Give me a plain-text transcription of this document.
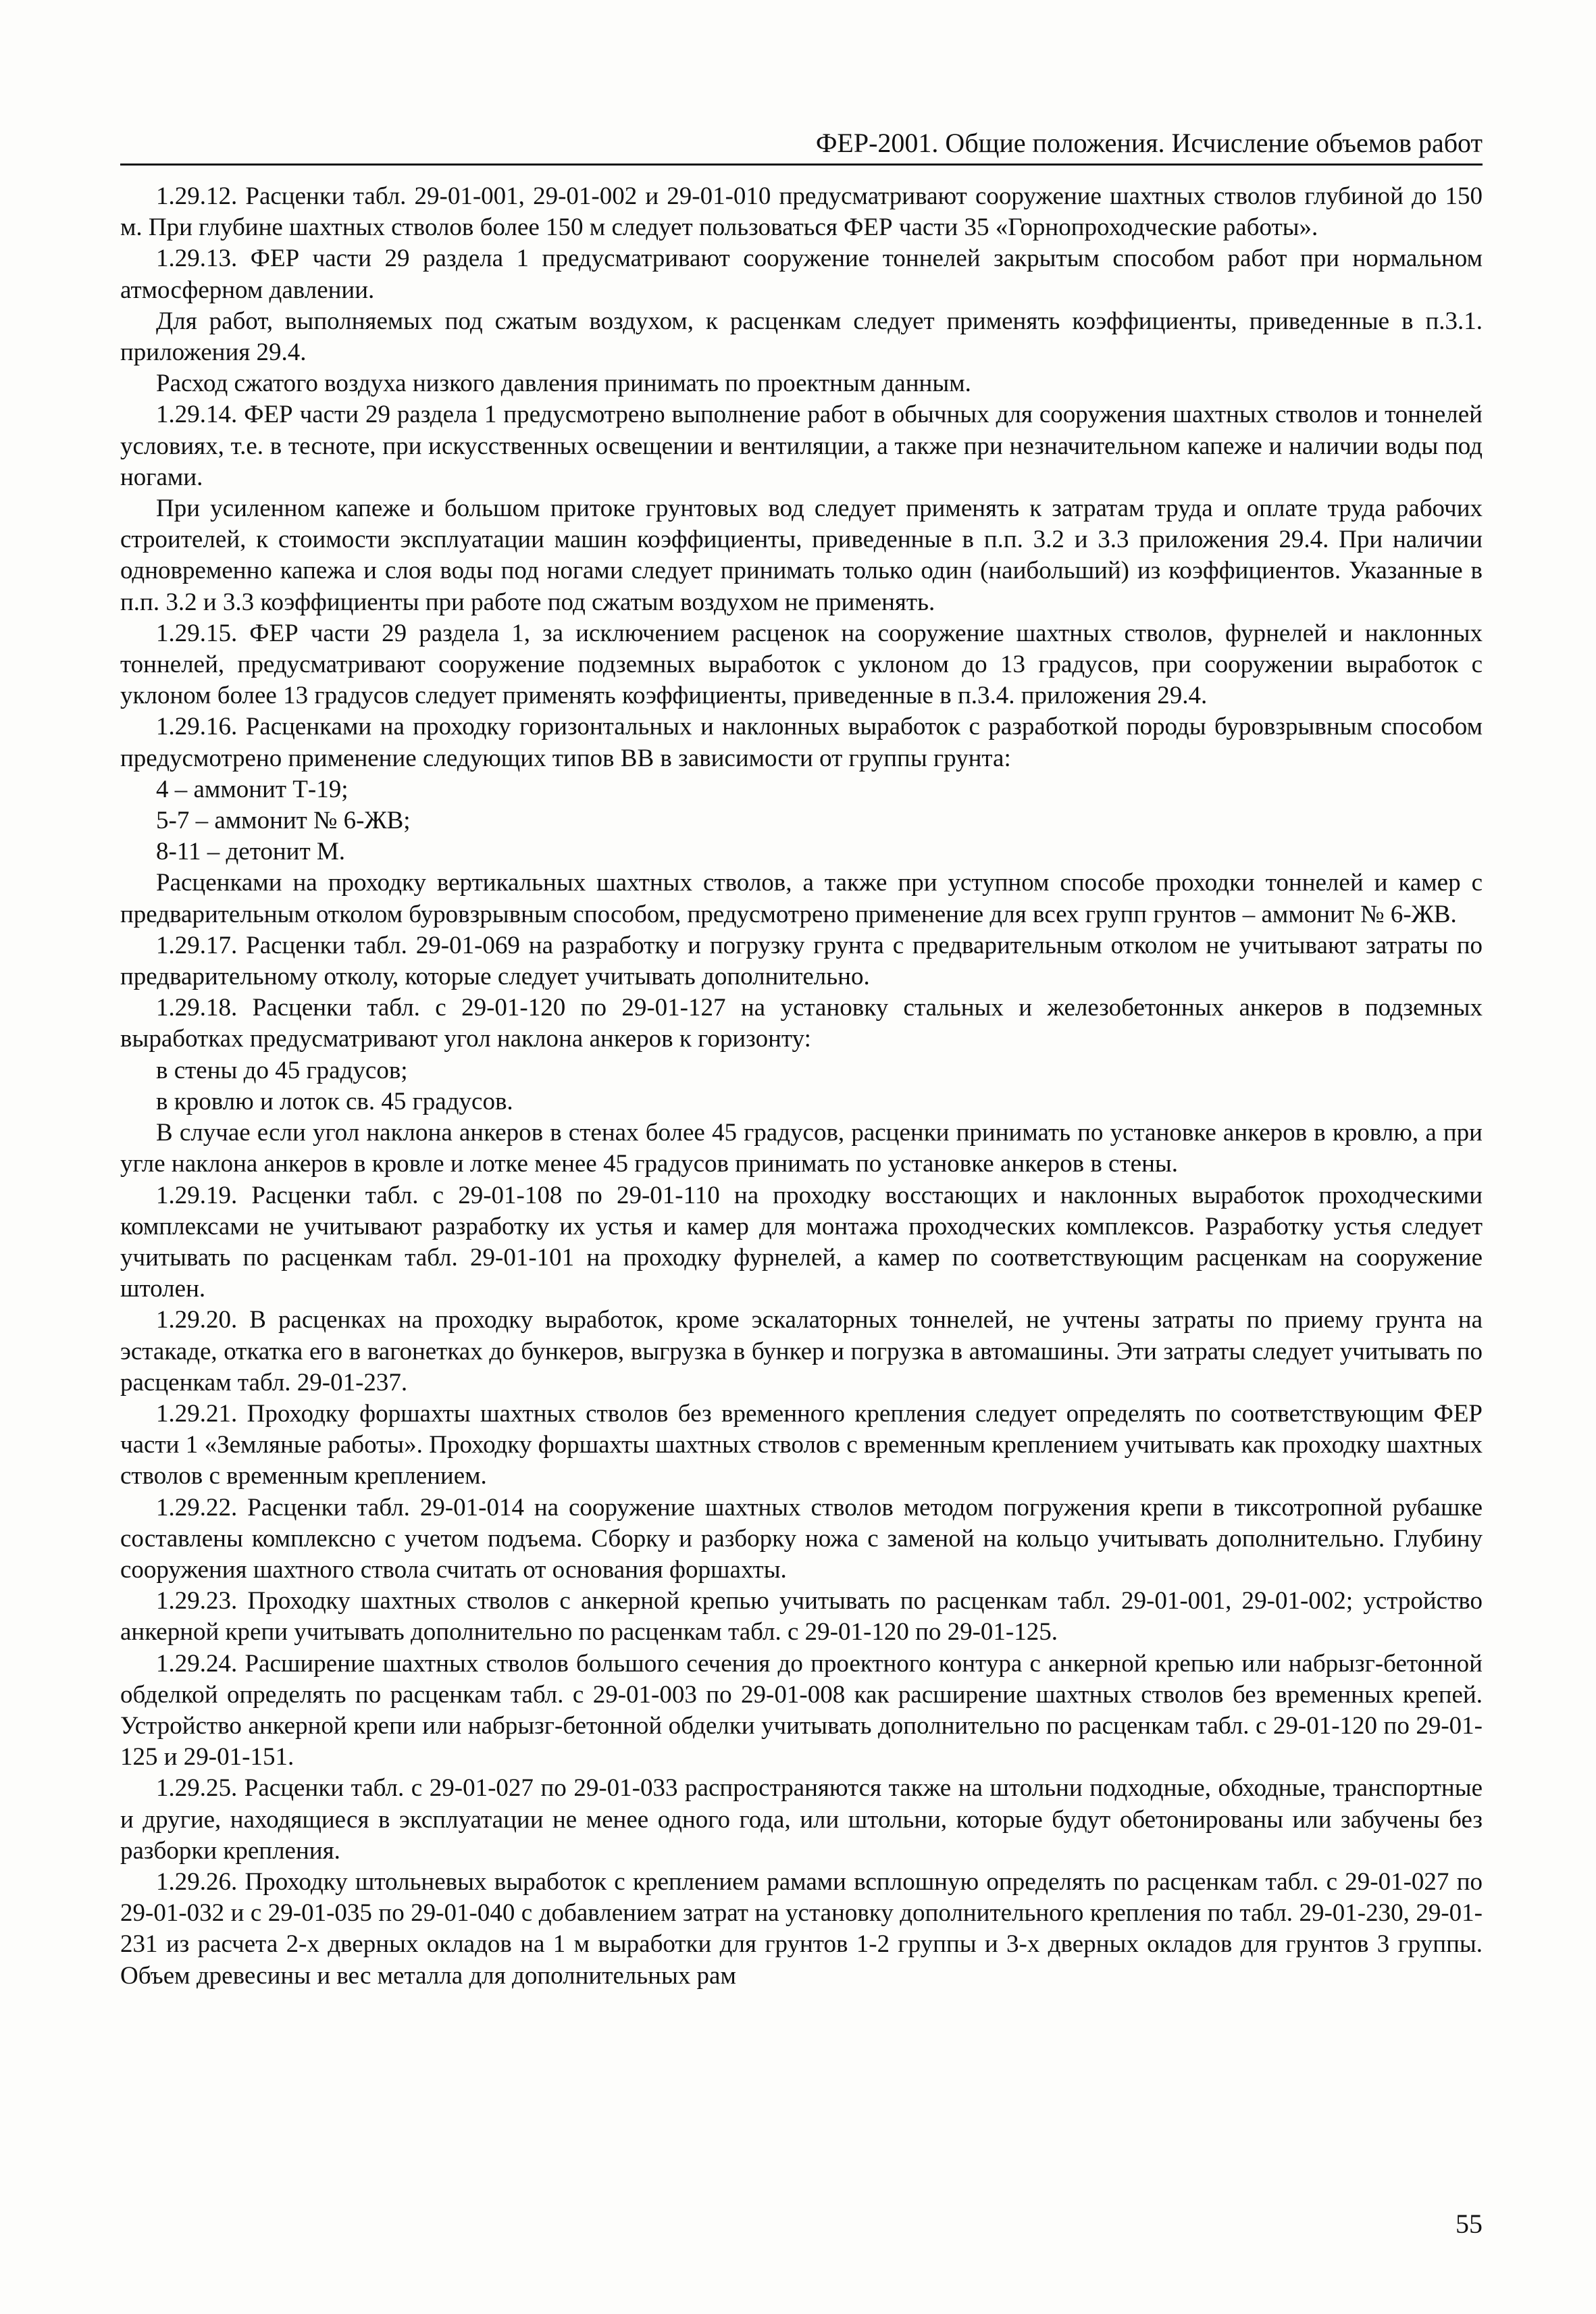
ФЕР-2001. Общие положения. Исчисление объемов работ

1.29.12. Расценки табл. 29-01-001, 29-01-002 и 29-01-010 предусматривают сооружение шахтных стволов глубиной до 150 м. При глубине шахтных стволов более 150 м следует пользоваться ФЕР части 35 «Горнопроходческие работы».

1.29.13. ФЕР части 29 раздела 1 предусматривают сооружение тоннелей закрытым способом работ при нормальном атмосферном давлении.

Для работ, выполняемых под сжатым воздухом, к расценкам следует применять коэффициенты, приведенные в п.3.1. приложения 29.4.

Расход сжатого воздуха низкого давления принимать по проектным данным.

1.29.14. ФЕР части 29 раздела 1 предусмотрено выполнение работ в обычных для сооружения шахтных стволов и тоннелей условиях, т.е. в тесноте, при искусственных освещении и вентиляции, а также при незначительном капеже и наличии воды под ногами.

При усиленном капеже и большом притоке грунтовых вод следует применять к затратам труда и оплате труда рабочих строителей, к стоимости эксплуатации машин коэффициенты, приведенные в п.п. 3.2 и 3.3 приложения 29.4. При наличии одновременно капежа и слоя воды под ногами следует принимать только один (наибольший) из коэффициентов. Указанные в п.п. 3.2 и 3.3 коэффициенты при работе под сжатым воздухом не применять.

1.29.15. ФЕР части 29 раздела 1, за исключением расценок на сооружение шахтных стволов, фурнелей и наклонных тоннелей, предусматривают сооружение подземных выработок с уклоном до 13 градусов, при сооружении выработок с уклоном более 13 градусов следует применять коэффициенты, приведенные в п.3.4. приложения 29.4.

1.29.16. Расценками на проходку горизонтальных и наклонных выработок с разработкой породы буровзрывным способом предусмотрено применение следующих типов ВВ в зависимости от группы грунта:

4 – аммонит Т-19;

5-7 – аммонит № 6-ЖВ;

8-11 – детонит М.

Расценками на проходку вертикальных шахтных стволов, а также при уступном способе проходки тоннелей и камер с предварительным отколом буровзрывным способом, предусмотрено применение для всех групп грунтов – аммонит № 6-ЖВ.

1.29.17. Расценки табл. 29-01-069 на разработку и погрузку грунта с предварительным отколом не учитывают затраты по предварительному отколу, которые следует учитывать дополнительно.

1.29.18. Расценки табл. с 29-01-120 по 29-01-127 на установку стальных и железобетонных анкеров в подземных выработках предусматривают угол наклона анкеров к горизонту:

в стены до 45 градусов;

в кровлю и лоток св. 45 градусов.

В случае если угол наклона анкеров в стенах более 45 градусов, расценки принимать по установке анкеров в кровлю, а при угле наклона анкеров в кровле и лотке менее 45 градусов принимать по установке анкеров в стены.

1.29.19. Расценки табл. с 29-01-108 по 29-01-110 на проходку восстающих и наклонных выработок проходческими комплексами не учитывают разработку их устья и камер для монтажа проходческих комплексов. Разработку устья следует учитывать по расценкам табл. 29-01-101 на проходку фурнелей, а камер по соответствующим расценкам на сооружение штолен.

1.29.20. В расценках на проходку выработок, кроме эскалаторных тоннелей, не учтены затраты по приему грунта на эстакаде, откатка его в вагонетках до бункеров, выгрузка в бункер и погрузка в автомашины. Эти затраты следует учитывать по расценкам табл. 29-01-237.

1.29.21. Проходку форшахты шахтных стволов без временного крепления следует определять по соответствующим ФЕР части 1 «Земляные работы». Проходку форшахты шахтных стволов с временным креплением учитывать как проходку шахтных стволов с временным креплением.

1.29.22. Расценки табл. 29-01-014 на сооружение шахтных стволов методом погружения крепи в тиксотропной рубашке составлены комплексно с учетом подъема. Сборку и разборку ножа с заменой на кольцо учитывать дополнительно. Глубину сооружения шахтного ствола считать от основания форшахты.

1.29.23. Проходку шахтных стволов с анкерной крепью учитывать по расценкам табл. 29-01-001, 29-01-002; устройство анкерной крепи учитывать дополнительно по расценкам табл. с 29-01-120 по 29-01-125.

1.29.24. Расширение шахтных стволов большого сечения до проектного контура с анкерной крепью или набрызг-бетонной обделкой определять по расценкам табл. с 29-01-003 по 29-01-008 как расширение шахтных стволов без временных крепей. Устройство анкерной крепи или набрызг-бетонной обделки учитывать дополнительно по расценкам табл. с 29-01-120 по 29-01-125 и 29-01-151.

1.29.25. Расценки табл. с 29-01-027 по 29-01-033 распространяются также на штольни подходные, обходные, транспортные и другие, находящиеся в эксплуатации не менее одного года, или штольни, которые будут обетонированы или забучены без разборки крепления.

1.29.26. Проходку штольневых выработок с креплением рамами всплошную определять по расценкам табл. с 29-01-027 по 29-01-032 и с 29-01-035 по 29-01-040 с добавлением затрат на установку дополнительного крепления по табл. 29-01-230, 29-01-231 из расчета 2-х дверных окладов на 1 м выработки для грунтов 1-2 группы и 3-х дверных окладов для грунтов 3 группы. Объем древесины и вес металла для дополнительных рам

55
